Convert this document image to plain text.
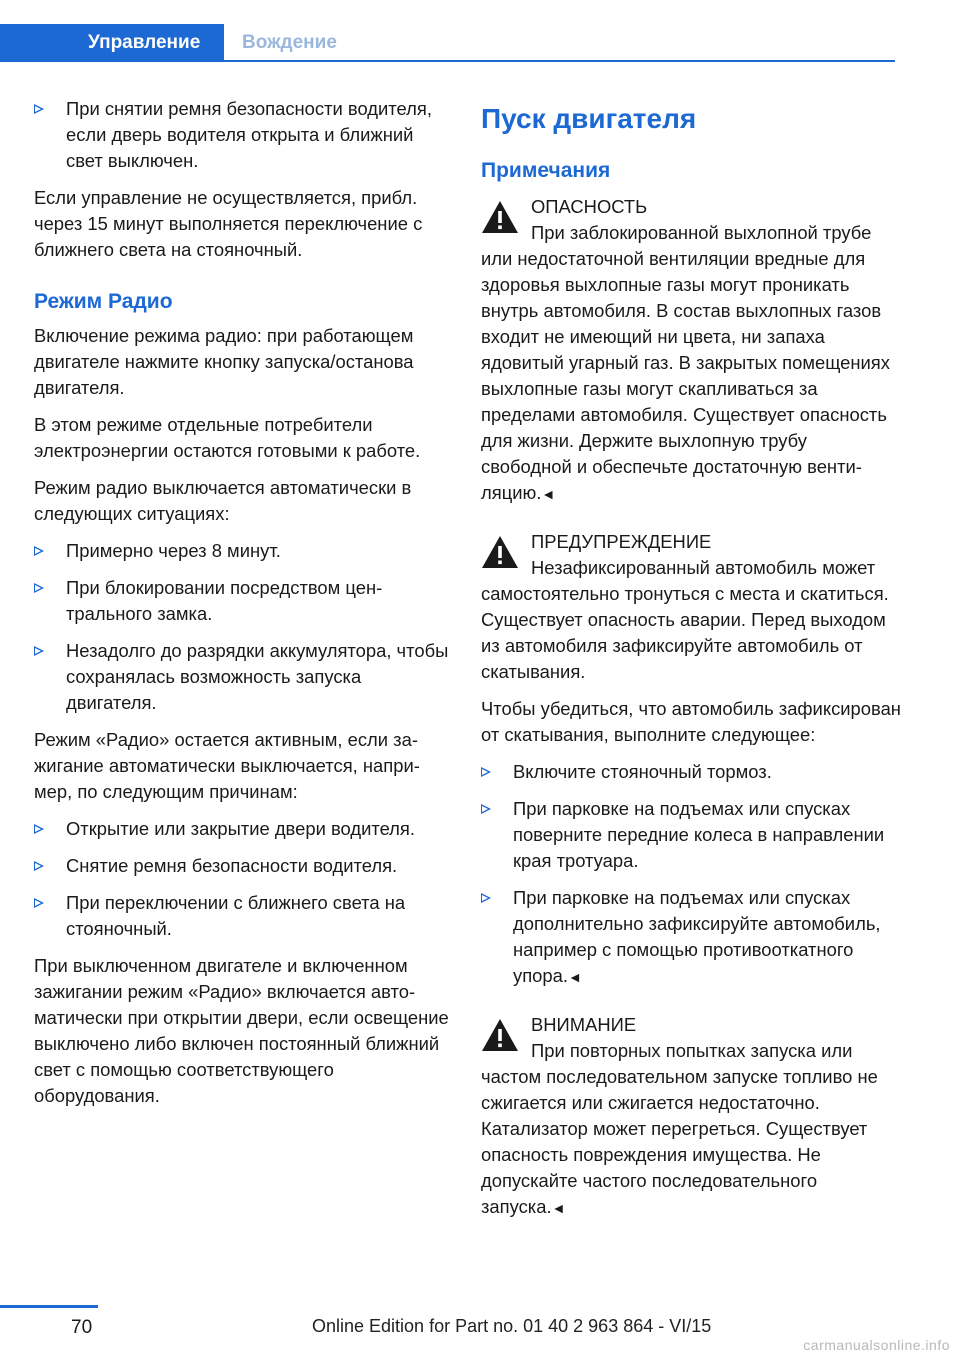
Управление	Вождение
При снятии ремня безопасности водителя, если дверь водителя открыта и ближний свет выключен.

Если управление не осуществляется, прибл. через 15 минут выполняется переключение с ближнего света на стояночный.

Режим Радио

Включение режима радио: при работающем двигателе нажмите кнопку запуска/останова двигателя.

В этом режиме отдельные потребители электроэнергии остаются готовыми к работе.

Режим радио выключается автоматически в следующих ситуациях:

Примерно через 8 минут.
При блокировании посредством центрального замка.
Незадолго до разрядки аккумулятора, чтобы сохранялась возможность запуска двигателя.

Режим «Радио» остается активным, если зажигание автоматически выключается, например, по следующим причинам:

Открытие или закрытие двери водителя.
Снятие ремня безопасности водителя.
При переключении с ближнего света на стояночный.

При выключенном двигателе и включенном зажигании режим «Радио» включается автоматически при открытии двери, если освещение выключено либо включен постоянный ближний свет с помощью соответствующего оборудования.

Пуск двигателя
Примечания
ОПАСНОСТЬ
При заблокированной выхлопной трубе или недостаточной вентиляции вредные для здоровья выхлопные газы могут проникать внутрь автомобиля. В состав выхлопных газов входит не имеющий ни цвета, ни запаха ядовитый угарный газ. В закрытых помещениях выхлопные газы могут скапливаться за пределами автомобиля. Существует опасность для жизни. Держите выхлопную трубу свободной и обеспечьте достаточную вентиляцию.◄
ПРЕДУПРЕЖДЕНИЕ
Незафиксированный автомобиль может самостоятельно тронуться с места и скатиться. Существует опасность аварии. Перед выходом из автомобиля зафиксируйте автомобиль от скатывания.

Чтобы убедиться, что автомобиль зафиксирован от скатывания, выполните следующее:

Включите стояночный тормоз.
При парковке на подъемах или спусках поверните передние колеса в направлении края тротуара.
При парковке на подъемах или спусках дополнительно зафиксируйте автомобиль, например с помощью противооткатного упора.◄
ВНИМАНИЕ
При повторных попытках запуска или частом последовательном запуске топливо не сжигается или сжигается недостаточно. Катализатор может перегреться. Существует опасность повреждения имущества. Не допускайте частого последовательного запуска.◄
70	Online Edition for Part no. 01 40 2 963 864 - VI/15
carmanualsonline.info
